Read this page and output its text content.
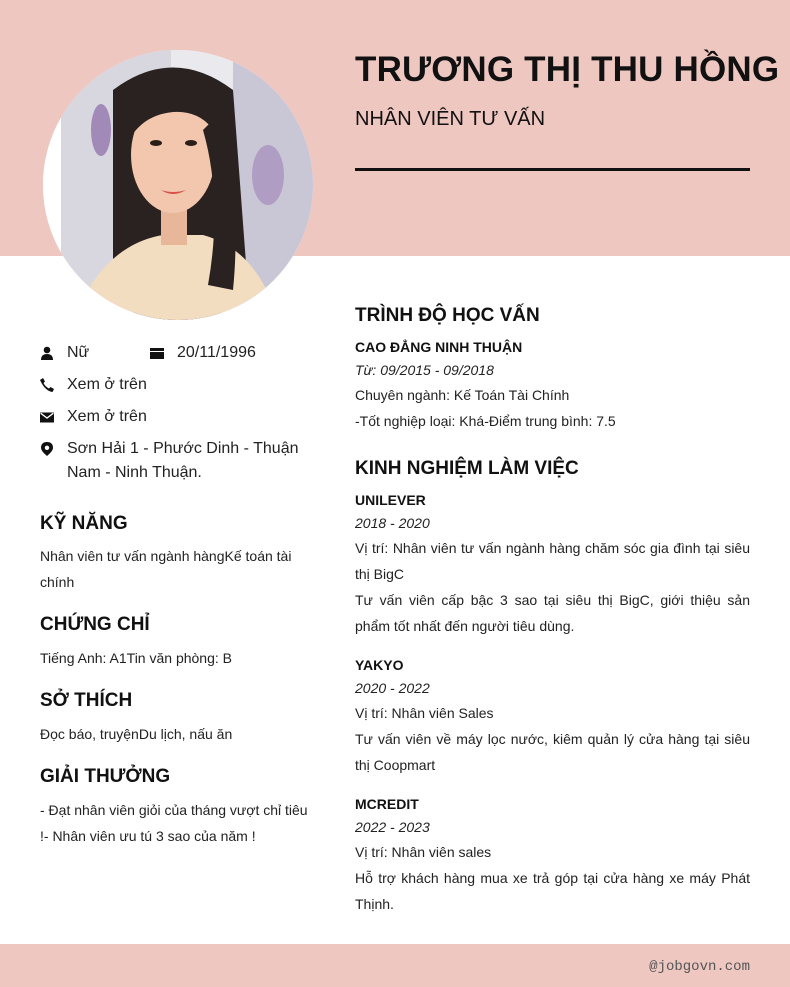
TRƯƠNG THỊ THU HỒNG
NHÂN VIÊN TƯ VẤN
Nữ	20/11/1996
Xem ở trên
Xem ở trên
Sơn Hải 1 - Phước Dinh - Thuận Nam - Ninh Thuận.
KỸ NĂNG
Nhân viên tư vấn ngành hàngKế toán tài chính
CHỨNG CHỈ
Tiếng Anh: A1Tin văn phòng: B
SỞ THÍCH
Đọc báo, truyệnDu lịch, nấu ăn
GIẢI THƯỞNG
- Đạt nhân viên giỏi của tháng vượt chỉ tiêu !- Nhân viên ưu tú 3 sao của năm !
TRÌNH ĐỘ HỌC VẤN
CAO ĐẲNG NINH THUẬN
Từ: 09/2015 - 09/2018
Chuyên ngành: Kế Toán Tài Chính
-Tốt nghiệp loại: Khá-Điểm trung bình: 7.5
KINH NGHIỆM LÀM VIỆC
UNILEVER
2018 - 2020
Vị trí: Nhân viên tư vấn ngành hàng chăm sóc gia đình tại siêu thị BigC
Tư vấn viên cấp bậc 3 sao tại siêu thị BigC, giới thiệu sản phẩm tốt nhất đến người tiêu dùng.
YAKYO
2020 - 2022
Vị trí: Nhân viên Sales
Tư vấn viên về máy lọc nước, kiêm quản lý cửa hàng tại siêu thị Coopmart
MCREDIT
2022 - 2023
Vị trí: Nhân viên sales
Hỗ trợ khách hàng mua xe trả góp tại cửa hàng xe máy Phát Thịnh.
@jobgovn.com
